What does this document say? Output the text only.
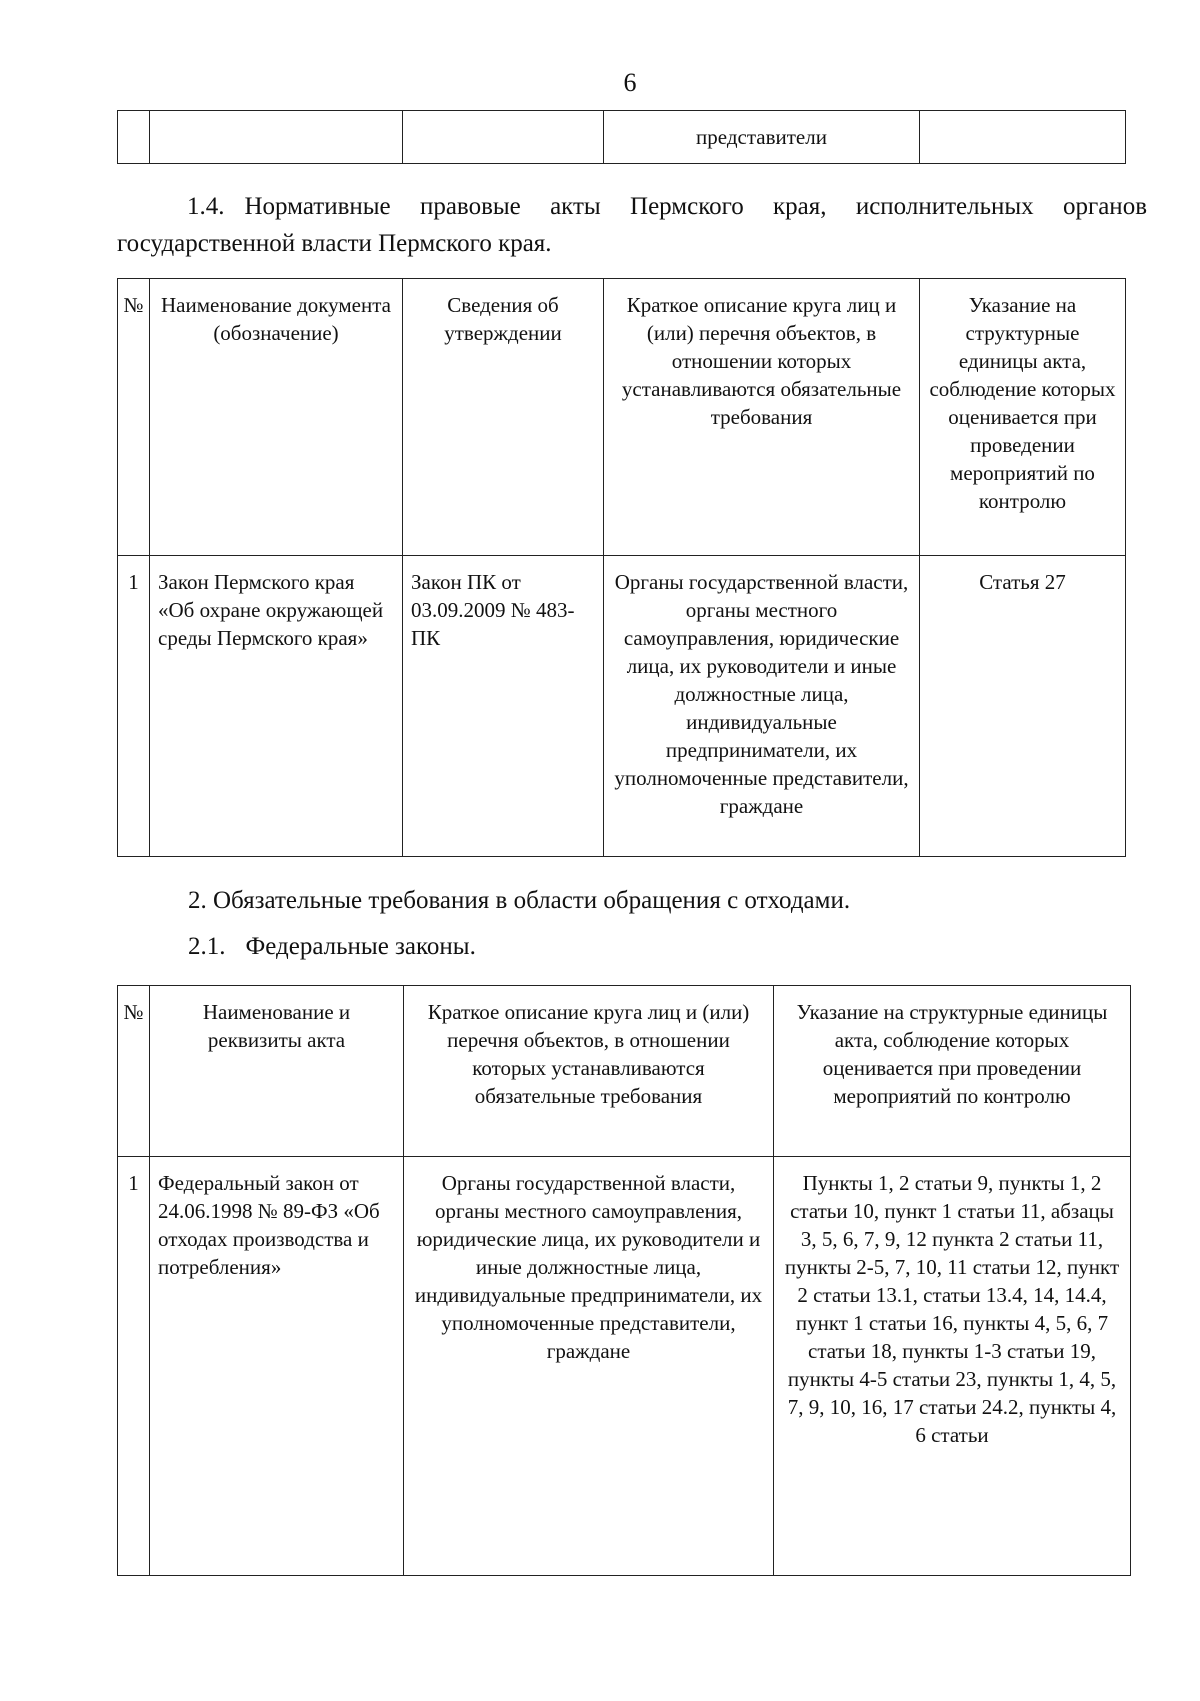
6
			представители	
1.4. Нормативные правовые акты Пермского края, исполнительных органов государственной власти Пермского края.
№	Наименование документа (обозначение)	Сведения об утверждении	Краткое описание круга лиц и (или) перечня объектов, в отношении которых устанавливаются обязательные требования	Указание на структурные единицы акта, соблюдение которых оценивается при проведении мероприятий по контролю
1	Закон Пермского края «Об охране окружающей среды Пермского края»	Закон ПК от 03.09.2009 № 483-ПК	Органы государственной власти, органы местного самоуправления, юридические лица, их руководители и иные должностные лица, индивидуальные предприниматели, их уполномоченные представители, граждане	Статья 27
2. Обязательные требования в области обращения с отходами.
2.1. Федеральные законы.
№	Наименование и реквизиты акта	Краткое описание круга лиц и (или) перечня объектов, в отношении которых устанавливаются обязательные требования	Указание на структурные единицы акта, соблюдение которых оценивается при проведении мероприятий по контролю
1	Федеральный закон от 24.06.1998 № 89-ФЗ «Об отходах производства и потребления»	Органы государственной власти, органы местного самоуправления, юридические лица, их руководители и иные должностные лица, индивидуальные предприниматели, их уполномоченные представители, граждане	Пункты 1, 2 статьи 9, пункты 1, 2 статьи 10, пункт 1 статьи 11, абзацы 3, 5, 6, 7, 9, 12 пункта 2 статьи 11, пункты 2-5, 7, 10, 11 статьи 12, пункт 2 статьи 13.1, статьи 13.4, 14, 14.4, пункт 1 статьи 16, пункты 4, 5, 6, 7 статьи 18, пункты 1-3 статьи 19, пункты 4-5 статьи 23, пункты 1, 4, 5, 7, 9, 10, 16, 17 статьи 24.2, пункты 4, 6 статьи
